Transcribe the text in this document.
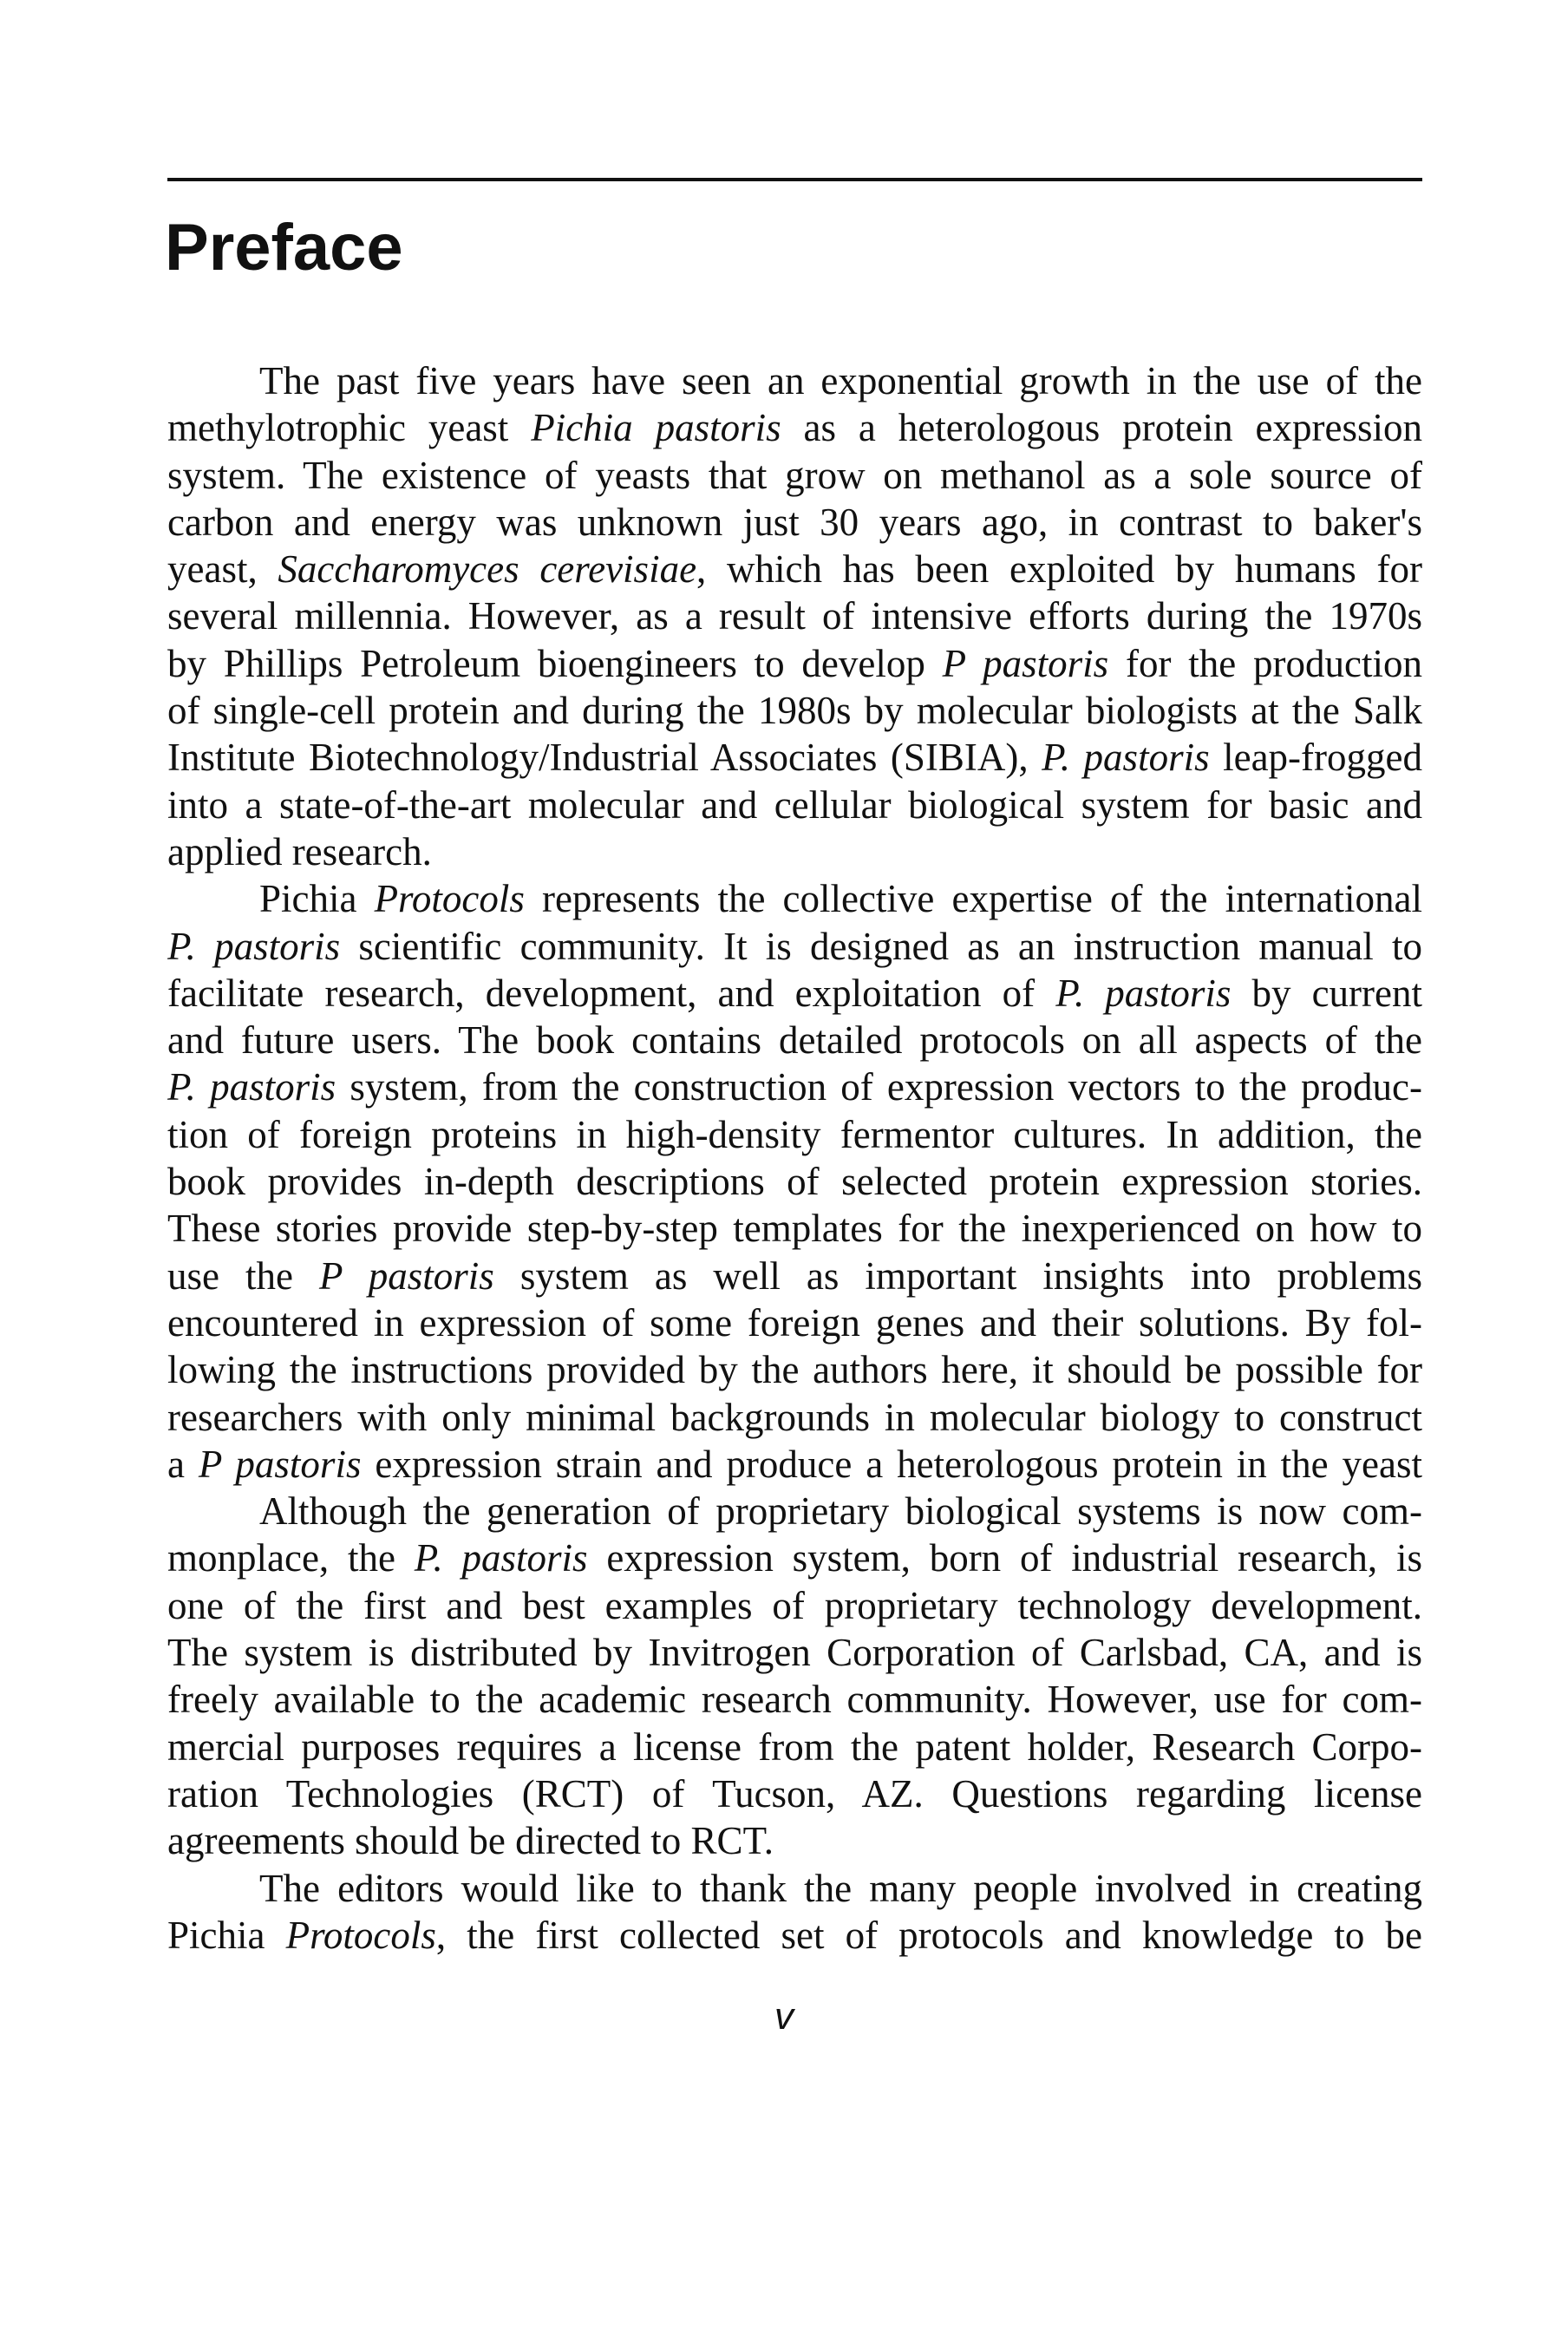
Preface
The past five years have seen an exponential growth in the use of the
methylotrophic yeast Pichia pastoris as a heterologous protein expression
system. The existence of yeasts that grow on methanol as a sole source of
carbon and energy was unknown just 30 years ago, in contrast to baker's
yeast, Saccharomyces cerevisiae, which has been exploited by humans for
several millennia. However, as a result of intensive efforts during the 1970s
by Phillips Petroleum bioengineers to develop P pastoris for the production
of single-cell protein and during the 1980s by molecular biologists at the Salk
Institute Biotechnology/Industrial Associates (SIBIA), P. pastoris leap-frogged
into a state-of-the-art molecular and cellular biological system for basic and
applied research.
Pichia Protocols represents the collective expertise of the international
P. pastoris scientific community. It is designed as an instruction manual to
facilitate research, development, and exploitation of P. pastoris by current
and future users. The book contains detailed protocols on all aspects of the
P. pastoris system, from the construction of expression vectors to the produc-
tion of foreign proteins in high-density fermentor cultures. In addition, the
book provides in-depth descriptions of selected protein expression stories.
These stories provide step-by-step templates for the inexperienced on how to
use the P pastoris system as well as important insights into problems
encountered in expression of some foreign genes and their solutions. By fol-
lowing the instructions provided by the authors here, it should be possible for
researchers with only minimal backgrounds in molecular biology to construct
a P pastoris expression strain and produce a heterologous protein in the yeast
Although the generation of proprietary biological systems is now com-
monplace, the P. pastoris expression system, born of industrial research, is
one of the first and best examples of proprietary technology development.
The system is distributed by Invitrogen Corporation of Carlsbad, CA, and is
freely available to the academic research community. However, use for com-
mercial purposes requires a license from the patent holder, Research Corpo-
ration Technologies (RCT) of Tucson, AZ. Questions regarding license
agreements should be directed to RCT.
The editors would like to thank the many people involved in creating
Pichia Protocols, the first collected set of protocols and knowledge to be
v
